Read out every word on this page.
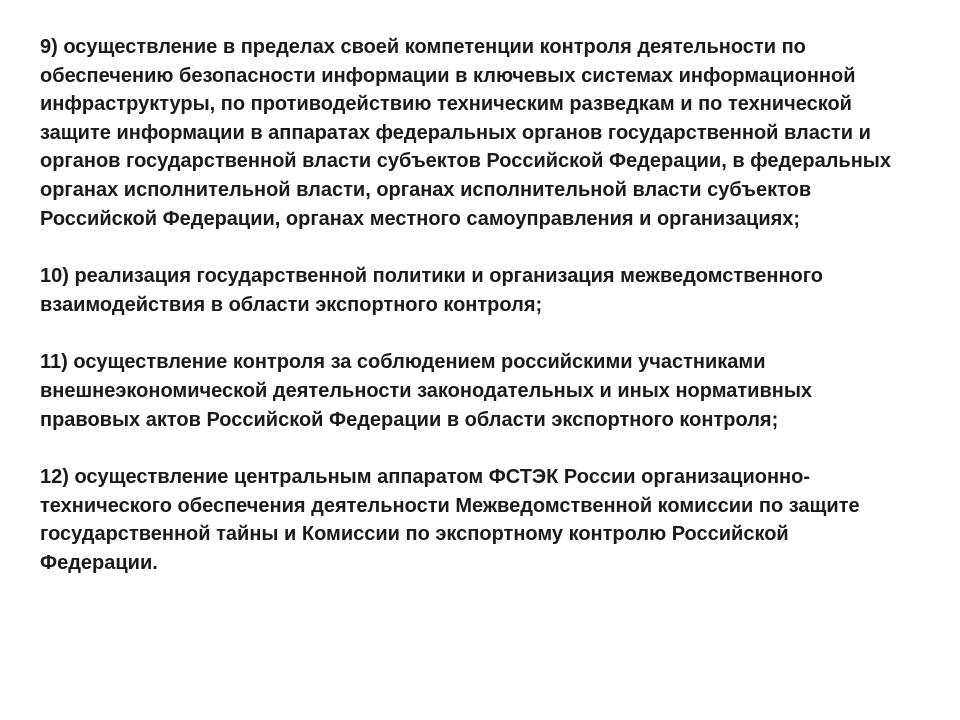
9) осуществление в пределах своей компетенции контроля деятельности по
обеспечению безопасности информации в ключевых системах информационной
инфраструктуры, по противодействию техническим разведкам и по технической
защите информации в аппаратах федеральных органов государственной власти и
органов государственной власти субъектов Российской Федерации, в федеральных
органах исполнительной власти, органах исполнительной власти субъектов
Российской Федерации, органах местного самоуправления и организациях;

10) реализация государственной политики и организация межведомственного
взаимодействия в области экспортного контроля;

11) осуществление контроля за соблюдением российскими участниками
внешнеэкономической деятельности законодательных и иных нормативных
правовых актов Российской Федерации в области экспортного контроля;

12) осуществление центральным аппаратом ФСТЭК России организационно-
технического обеспечения деятельности Межведомственной комиссии по защите
государственной тайны и Комиссии по экспортному контролю Российской
Федерации.
